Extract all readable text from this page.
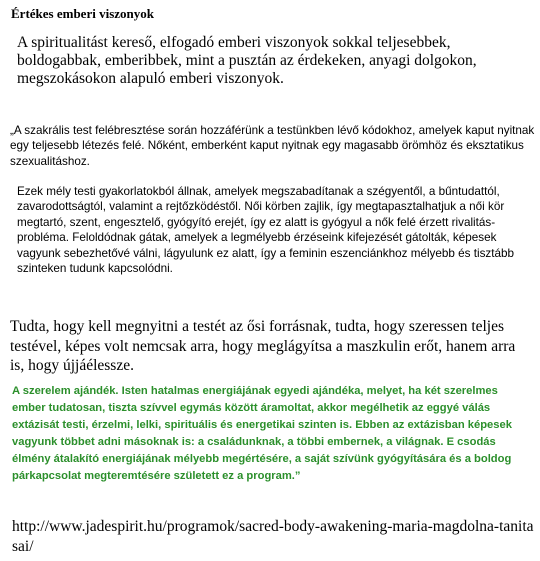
Értékes emberi viszonyok

A spiritualitást kereső, elfogadó emberi viszonyok sokkal teljesebbek, boldogabbak, emberibbek, mint a pusztán az érdekeken, anyagi dolgokon, megszokásokon alapuló emberi viszonyok.

„A szakrális test felébresztése során hozzáférünk a testünkben lévő kódokhoz, amelyek kaput nyitnak egy teljesebb létezés felé. Nőként, emberként kaput nyitnak egy magasabb örömhöz és eksztatikus szexualitáshoz.

Ezek mély testi gyakorlatokból állnak, amelyek megszabadítanak a szégyentől, a bűntudattól, zavarodottságtól, valamint a rejtőzködéstől. Női körben zajlik, így megtapasztalhatjuk a női kör megtartó, szent, engesztelő, gyógyító erejét, így ez alatt is gyógyul a nők felé érzett rivalitás-probléma. Feloldódnak gátak, amelyek a legmélyebb érzéseink kifejezését gátolták, képesek vagyunk sebezhetővé válni, lágyulunk ez alatt, így a feminin eszenciánkhoz mélyebb és tisztább szinteken tudunk kapcsolódni.

Tudta, hogy kell megnyitni a testét az ősi forrásnak, tudta, hogy szeressen teljes testével, képes volt nemcsak arra, hogy meglágyítsa a maszkulin erőt, hanem arra is, hogy újjáélessze.

A szerelem ajándék. Isten hatalmas energiájának egyedi ajándéka, melyet, ha két szerelmes ember tudatosan, tiszta szívvel egymás között áramoltat, akkor megélhetik az eggyé válás extázisát testi, érzelmi, lelki, spirituális és energetikai szinten is. Ebben az extázisban képesek vagyunk többet adni másoknak is: a családunknak, a többi embernek, a világnak. E csodás élmény átalakító energiájának mélyebb megértésére, a saját szívünk gyógyítására és a boldog párkapcsolat megteremtésére született ez a program.”

http://www.jadespirit.hu/programok/sacred-body-awakening-maria-magdolna-tanitasai/
